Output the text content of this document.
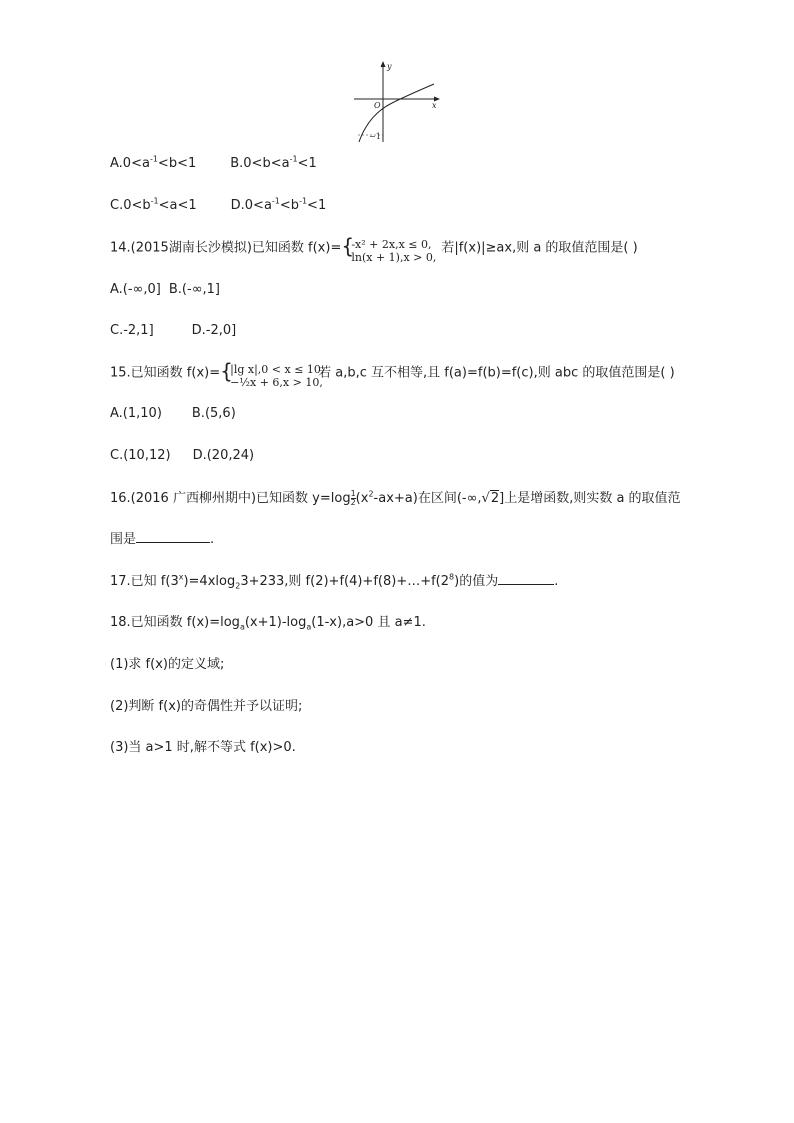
y
x
O
−1
$A.0<a^{-1}<b<1$	$B.0<b<a^{-1}<1$
$C.0<b^{-1}<a<1$	$D.0<a^{-1}<b^{-1}<1$
14.(2015湖南长沙模拟)已知函数 f(x)= {
-x² + 2x,x ≤ 0,
ln(x + 1),x > 0,
若|f(x)|≥ax,则 a 的取值范围是( )
A.(-∞,0] B.(-∞,1]
C.-2,1]	D.-2,0]
15.已知函数 f(x)= {
|lg x|,0 < x ≤ 10,
−½x + 6,x > 10,
若 a,b,c 互不相等,且 f(a)=f(b)=f(c),则 abc 的取值范围是( )
A.(1,10) B.(5,6)
C.(10,12) D.(20,24)
16.(2016 广西柳州期中)已知函数 $y=\log \frac{1}{2} (x^2-ax+a)$在区间(-∞,√2]上是增函数,则实数 a 的取值范
围是	.
17.已知 $f(3^x)=4xlog_23+233$,则 $f(2)+f(4)+f(8)+\dots+f(2^8)$的值为	.
18.已知函数 $f(x)=\log_a(x+1)-\log_a(1-x),a>0$ 且 a≠1.
(1)求 f(x)的定义域;
(2)判断 f(x)的奇偶性并予以证明;
(3)当 a>1 时,解不等式 f(x)>0.
